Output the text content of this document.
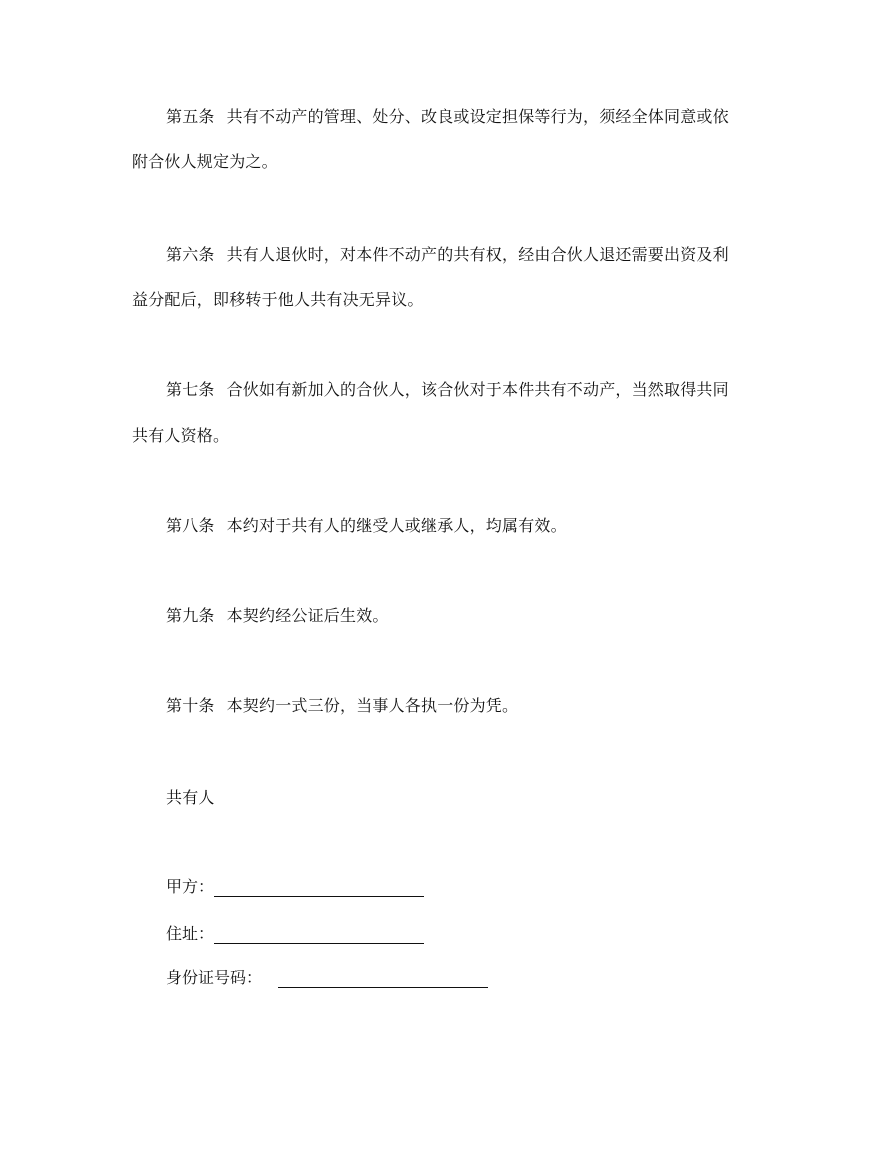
第五条 共有不动产的管理、处分、改良或设定担保等行为，须经全体同意或依
附合伙人规定为之。
第六条 共有人退伙时，对本件不动产的共有权，经由合伙人退还需要出资及利
益分配后，即移转于他人共有决无异议。
第七条 合伙如有新加入的合伙人，该合伙对于本件共有不动产，当然取得共同
共有人资格。
第八条 本约对于共有人的继受人或继承人，均属有效。
第九条 本契约经公证后生效。
第十条 本契约一式三份，当事人各执一份为凭。
共有人
甲方：
住址：
身份证号码：
